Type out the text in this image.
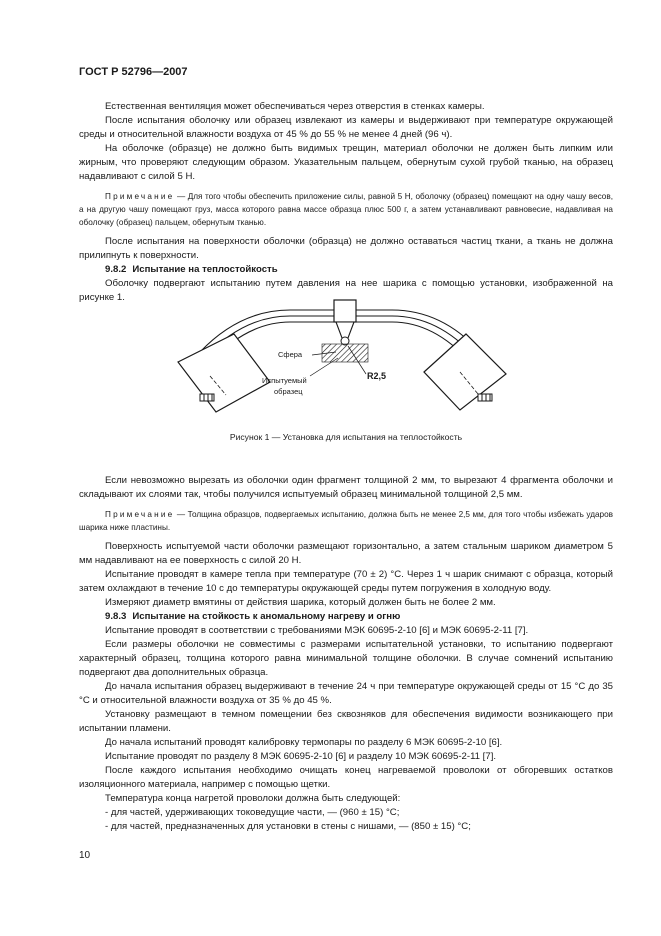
ГОСТ Р 52796—2007

Естественная вентиляция может обеспечиваться через отверстия в стенках камеры.

После испытания оболочку или образец извлекают из камеры и выдерживают при температуре окружающей среды и относительной влажности воздуха от 45 % до 55 % не менее 4 дней (96 ч).

На оболочке (образце) не должно быть видимых трещин, материал оболочки не должен быть липким или жирным, что проверяют следующим образом. Указательным пальцем, обернутым сухой грубой тканью, на образец надавливают с силой 5 Н.

Примечание — Для того чтобы обеспечить приложение силы, равной 5 Н, оболочку (образец) помещают на одну чашу весов, а на другую чашу помещают груз, масса которого равна массе образца плюс 500 г, а затем устанавливают равновесие, надавливая на оболочку (образец) пальцем, обернутым тканью.

После испытания на поверхности оболочки (образца) не должно оставаться частиц ткани, а ткань не должна прилипнуть к поверхности.

9.8.2 Испытание на теплостойкость

Оболочку подвергают испытанию путем давления на нее шарика с помощью установки, изображенной на рисунке 1.

Сфера
Испытуемый
образец
R2,5
Рисунок 1 — Установка для испытания на теплостойкость

Если невозможно вырезать из оболочки один фрагмент толщиной 2 мм, то вырезают 4 фрагмента оболочки и складывают их слоями так, чтобы получился испытуемый образец минимальной толщиной 2,5 мм.

Примечание — Толщина образцов, подвергаемых испытанию, должна быть не менее 2,5 мм, для того чтобы избежать ударов шарика ниже пластины.

Поверхность испытуемой части оболочки размещают горизонтально, а затем стальным шариком диаметром 5 мм надавливают на ее поверхность с силой 20 Н.

Испытание проводят в камере тепла при температуре (70 ± 2) °С. Через 1 ч шарик снимают с образца, который затем охлаждают в течение 10 с до температуры окружающей среды путем погружения в холодную воду.

Измеряют диаметр вмятины от действия шарика, который должен быть не более 2 мм.

9.8.3 Испытание на стойкость к аномальному нагреву и огню

Испытание проводят в соответствии с требованиями МЭК 60695-2-10 [6] и МЭК 60695-2-11 [7].

Если размеры оболочки не совместимы с размерами испытательной установки, то испытанию подвергают характерный образец, толщина которого равна минимальной толщине оболочки. В случае сомнений испытанию подвергают два дополнительных образца.

До начала испытания образец выдерживают в течение 24 ч при температуре окружающей среды от 15 °С до 35 °С и относительной влажности воздуха от 35 % до 45 %.

Установку размещают в темном помещении без сквозняков для обеспечения видимости возникающего при испытании пламени.

До начала испытаний проводят калибровку термопары по разделу 6 МЭК 60695-2-10 [6].

Испытание проводят по разделу 8 МЭК 60695-2-10 [6] и разделу 10 МЭК 60695-2-11 [7].

После каждого испытания необходимо очищать конец нагреваемой проволоки от обгоревших остатков изоляционного материала, например с помощью щетки.

Температура конца нагретой проволоки должна быть следующей:

- для частей, удерживающих токоведущие части, — (960 ± 15) °С;

- для частей, предназначенных для установки в стены с нишами, — (850 ± 15) °С;

10
